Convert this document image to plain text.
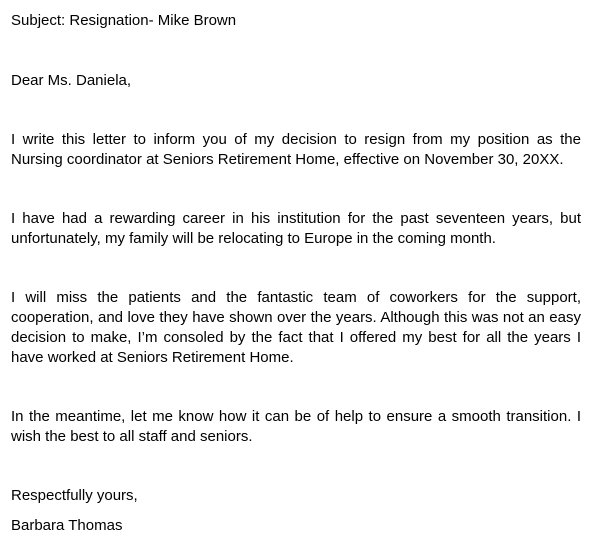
Subject: Resignation- Mike Brown

Dear Ms. Daniela,

I write this letter to inform you of my decision to resign from my position as the Nursing coordinator at Seniors Retirement Home, effective on November 30, 20XX.

I have had a rewarding career in his institution for the past seventeen years, but unfortunately, my family will be relocating to Europe in the coming month.

I will miss the patients and the fantastic team of coworkers for the support, cooperation, and love they have shown over the years. Although this was not an easy decision to make, I’m consoled by the fact that I offered my best for all the years I have worked at Seniors Retirement Home.

In the meantime, let me know how it can be of help to ensure a smooth transition. I wish the best to all staff and seniors.

Respectfully yours,

Barbara Thomas
